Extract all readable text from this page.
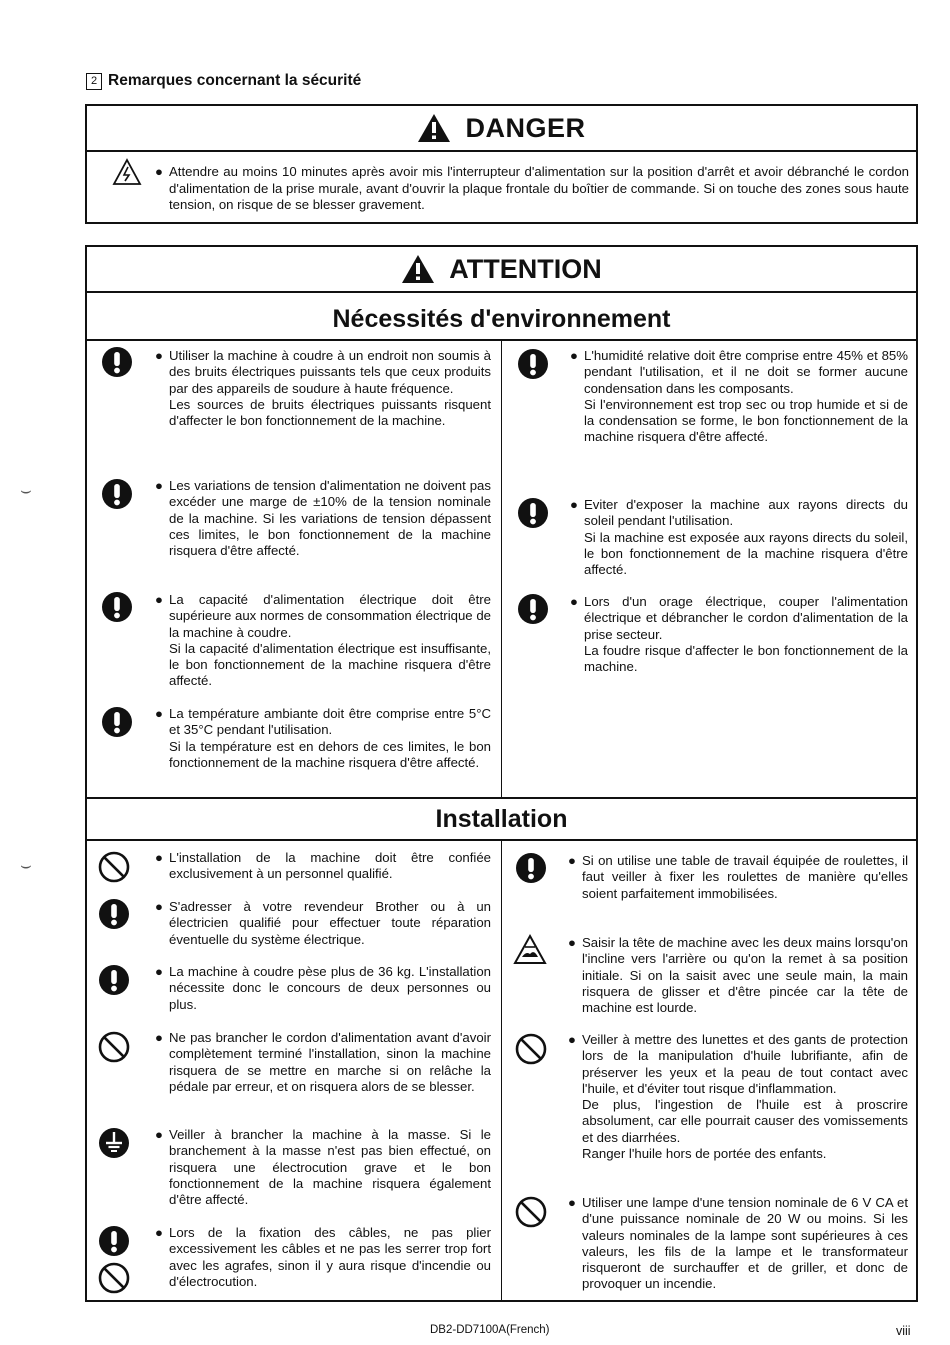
2 Remarques concernant la sécurité
DANGER
● Attendre au moins 10 minutes après avoir mis l'interrupteur d'alimentation sur la position d'arrêt et avoir débranché le cordon d'alimentation de la prise murale, avant d'ouvrir la plaque frontale du boîtier de commande. Si on touche des zones sous haute tension, on risque de se blesser gravement.
ATTENTION
Nécessités d'environnement
Installation
● Utiliser la machine à coudre à un endroit non soumis à des bruits électriques puissants tels que ceux produits par des appareils de soudure à haute fréquence.
Les sources de bruits électriques puissants risquent d'affecter le bon fonctionnement de la machine.
● Les variations de tension d'alimentation ne doivent pas excéder une marge de ±10% de la tension nominale de la machine. Si les variations de tension dépassent ces limites, le bon fonctionnement de la machine risquera d'être affecté.
● La capacité d'alimentation électrique doit être supérieure aux normes de consommation électrique de la machine à coudre.
Si la capacité d'alimentation électrique est insuffisante, le bon fonctionnement de la machine risquera d'être affecté.
● La température ambiante doit être comprise entre 5°C et 35°C pendant l'utilisation.
Si la température est en dehors de ces limites, le bon fonctionnement de la machine risquera d'être affecté.
● L'humidité relative doit être comprise entre 45% et 85% pendant l'utilisation, et il ne doit se former aucune condensation dans les composants.
Si l'environnement est trop sec ou trop humide et si de la condensation se forme, le bon fonctionnement de la machine risquera d'être affecté.
● Eviter d'exposer la machine aux rayons directs du soleil pendant l'utilisation.
Si la machine est exposée aux rayons directs du soleil, le bon fonctionnement de la machine risquera d'être affecté.
● Lors d'un orage électrique, couper l'alimentation électrique et débrancher le cordon d'alimentation de la prise secteur.
La foudre risque d'affecter le bon fonctionnement de la machine.
● L'installation de la machine doit être confiée exclusivement à un personnel qualifié.
● S'adresser à votre revendeur Brother ou à un électricien qualifié pour effectuer toute réparation éventuelle du système électrique.
● La machine à coudre pèse plus de 36 kg. L'installation nécessite donc le concours de deux personnes ou plus.
● Ne pas brancher le cordon d'alimentation avant d'avoir complètement terminé l'installation, sinon la machine risquera de se mettre en marche si on relâche la pédale par erreur, et on risquera alors de se blesser.
● Veiller à brancher la machine à la masse. Si le branchement à la masse n'est pas bien effectué, on risquera une électrocution grave et le bon fonctionnement de la machine risquera également d'être affecté.
● Lors de la fixation des câbles, ne pas plier excessivement les câbles et ne pas les serrer trop fort avec les agrafes, sinon il y aura risque d'incendie ou d'électrocution.
● Si on utilise une table de travail équipée de roulettes, il faut veiller à fixer les roulettes de manière qu'elles soient parfaitement immobilisées.
● Saisir la tête de machine avec les deux mains lorsqu'on l'incline vers l'arrière ou qu'on la remet à sa position initiale. Si on la saisit avec une seule main, la main risquera de glisser et d'être pincée car la tête de machine est lourde.
● Veiller à mettre des lunettes et des gants de protection lors de la manipulation d'huile lubrifiante, afin de préserver les yeux et la peau de tout contact avec l'huile, et d'éviter tout risque d'inflammation.
De plus, l'ingestion de l'huile est à proscrire absolument, car elle pourrait causer des vomissements et des diarrhées.
Ranger l'huile hors de portée des enfants.
● Utiliser une lampe d'une tension nominale de 6 V CA et d'une puissance nominale de 20 W ou moins. Si les valeurs nominales de la lampe sont supérieures à ces valeurs, les fils de la lampe et le transformateur risqueront de surchauffer et de griller, et donc de provoquer un incendie.
⌣
⌣
DB2-DD7100A(French)	viii
